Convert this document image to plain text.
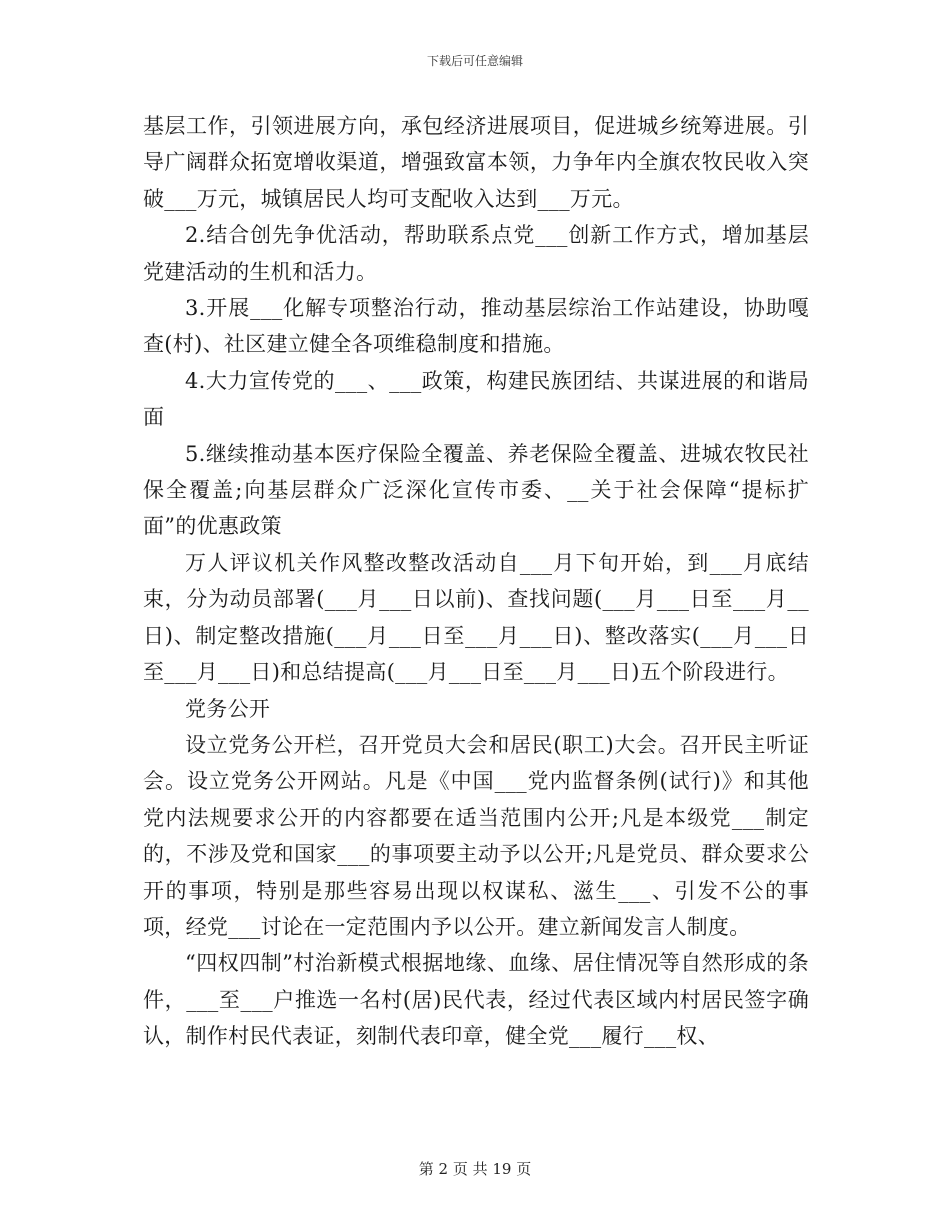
下载后可任意编辑

基层工作，引领进展方向，承包经济进展项目，促进城乡统筹进展。引导广阔群众拓宽增收渠道，增强致富本领，力争年内全旗农牧民收入突破___万元，城镇居民人均可支配收入达到___万元。

2.结合创先争优活动，帮助联系点党___创新工作方式，增加基层党建活动的生机和活力。

3.开展___化解专项整治行动，推动基层综治工作站建设，协助嘎查(村)、社区建立健全各项维稳制度和措施。

4.大力宣传党的___、___政策，构建民族团结、共谋进展的和谐局面

5.继续推动基本医疗保险全覆盖、养老保险全覆盖、进城农牧民社保全覆盖;向基层群众广泛深化宣传市委、__关于社会保障“提标扩面”的优惠政策

万人评议机关作风整改整改活动自___月下旬开始，到___月底结束，分为动员部署(___月___日以前)、查找问题(___月___日至___月__日)、制定整改措施(___月___日至___月___日)、整改落实(___月___日至___月___日)和总结提高(___月___日至___月___日)五个阶段进行。

党务公开

设立党务公开栏，召开党员大会和居民(职工)大会。召开民主听证会。设立党务公开网站。凡是《中国___党内监督条例(试行)》和其他党内法规要求公开的内容都要在适当范围内公开;凡是本级党___制定的，不涉及党和国家___的事项要主动予以公开;凡是党员、群众要求公开的事项，特别是那些容易出现以权谋私、滋生___、引发不公的事项，经党___讨论在一定范围内予以公开。建立新闻发言人制度。

“四权四制”村治新模式根据地缘、血缘、居住情况等自然形成的条件，___至___户推选一名村(居)民代表，经过代表区域内村居民签字确认，制作村民代表证，刻制代表印章，健全党___履行___权、

第 2 页 共 19 页
